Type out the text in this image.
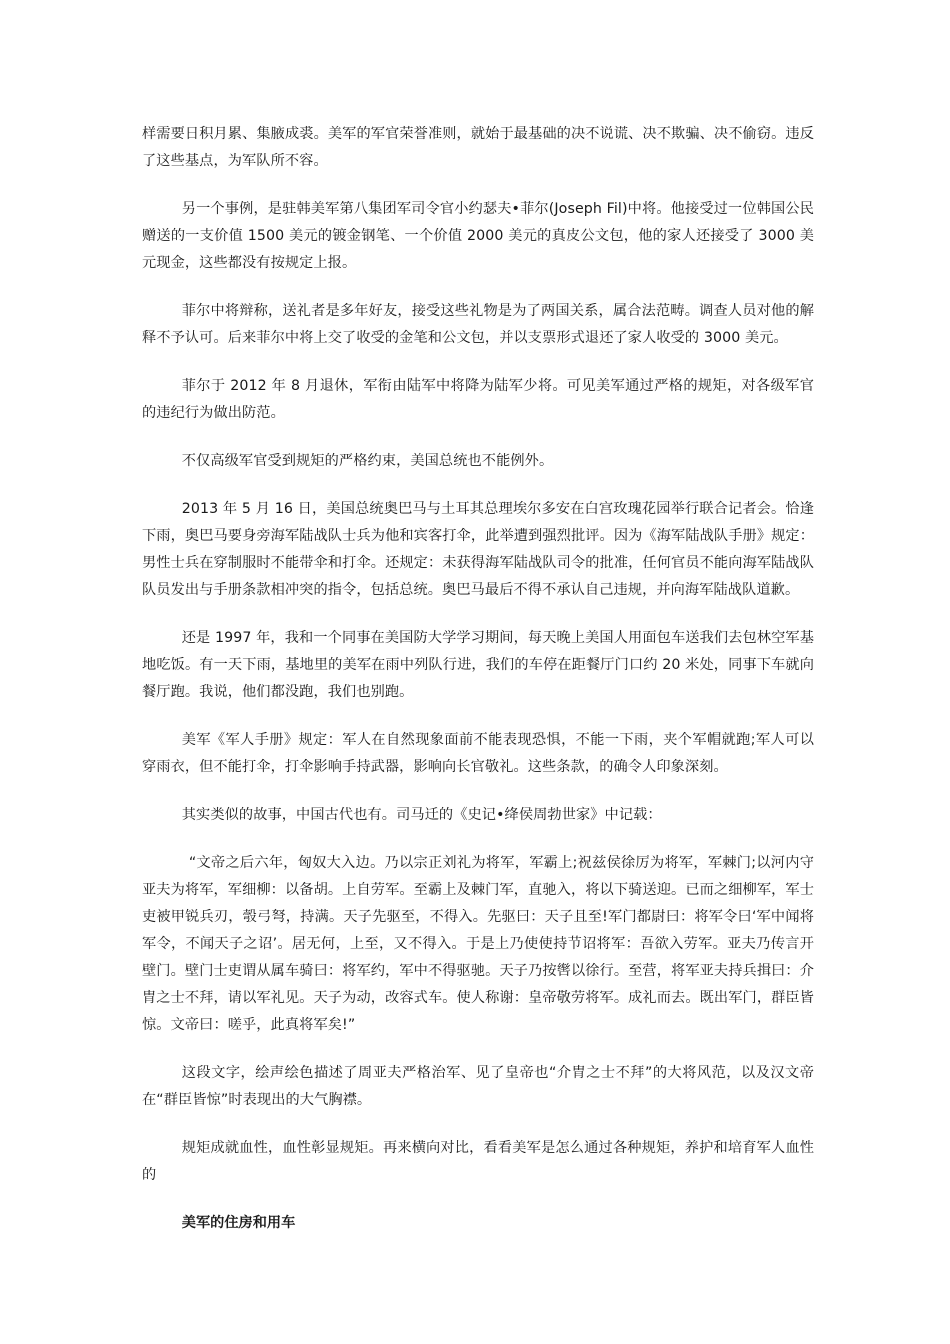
样需要日积月累、集腋成裘。美军的军官荣誉准则，就始于最基础的决不说谎、决不欺骗、决不偷窃。违反了这些基点，为军队所不容。

另一个事例，是驻韩美军第八集团军司令官小约瑟夫•菲尔(Joseph Fil)中将。他接受过一位韩国公民赠送的一支价值 1500 美元的镀金钢笔、一个价值 2000 美元的真皮公文包，他的家人还接受了 3000 美元现金，这些都没有按规定上报。

菲尔中将辩称，送礼者是多年好友，接受这些礼物是为了两国关系，属合法范畴。调查人员对他的解释不予认可。后来菲尔中将上交了收受的金笔和公文包，并以支票形式退还了家人收受的 3000 美元。

菲尔于 2012 年 8 月退休，军衔由陆军中将降为陆军少将。可见美军通过严格的规矩，对各级军官的违纪行为做出防范。

不仅高级军官受到规矩的严格约束，美国总统也不能例外。

2013 年 5 月 16 日，美国总统奥巴马与土耳其总理埃尔多安在白宫玫瑰花园举行联合记者会。恰逢下雨，奥巴马要身旁海军陆战队士兵为他和宾客打伞，此举遭到强烈批评。因为《海军陆战队手册》规定：男性士兵在穿制服时不能带伞和打伞。还规定：未获得海军陆战队司令的批准，任何官员不能向海军陆战队队员发出与手册条款相冲突的指令，包括总统。奥巴马最后不得不承认自己违规，并向海军陆战队道歉。

还是 1997 年，我和一个同事在美国防大学学习期间，每天晚上美国人用面包车送我们去包林空军基地吃饭。有一天下雨，基地里的美军在雨中列队行进，我们的车停在距餐厅门口约 20 米处，同事下车就向餐厅跑。我说，他们都没跑，我们也别跑。

美军《军人手册》规定：军人在自然现象面前不能表现恐惧，不能一下雨，夹个军帽就跑;军人可以穿雨衣，但不能打伞，打伞影响手持武器，影响向长官敬礼。这些条款，的确令人印象深刻。

其实类似的故事，中国古代也有。司马迁的《史记•绛侯周勃世家》中记载：

“文帝之后六年，匈奴大入边。乃以宗正刘礼为将军，军霸上;祝兹侯徐厉为将军，军棘门;以河内守亚夫为将军，军细柳：以备胡。上自劳军。至霸上及棘门军，直驰入，将以下骑送迎。已而之细柳军，军士吏被甲锐兵刃，彀弓弩，持满。天子先驱至，不得入。先驱曰：天子且至!军门都尉曰：将军令曰‘军中闻将军令，不闻天子之诏’。居无何，上至，又不得入。于是上乃使使持节诏将军：吾欲入劳军。亚夫乃传言开壁门。壁门士吏谓从属车骑曰：将军约，军中不得驱驰。天子乃按辔以徐行。至营，将军亚夫持兵揖曰：介胄之士不拜，请以军礼见。天子为动，改容式车。使人称谢：皇帝敬劳将军。成礼而去。既出军门，群臣皆惊。文帝曰：嗟乎，此真将军矣!”

这段文字，绘声绘色描述了周亚夫严格治军、见了皇帝也“介胄之士不拜”的大将风范，以及汉文帝在“群臣皆惊”时表现出的大气胸襟。

规矩成就血性，血性彰显规矩。再来横向对比，看看美军是怎么通过各种规矩，养护和培育军人血性的

美军的住房和用车
